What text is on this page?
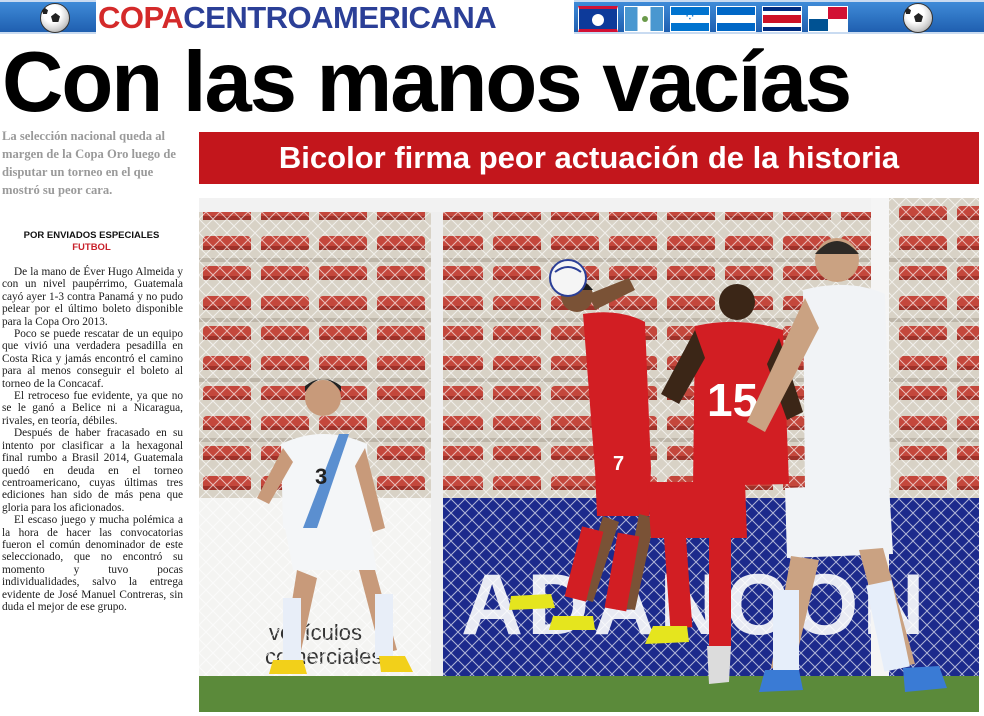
COPACENTROAMERICANA
⁘
Con las manos vacías
La selección nacional queda al margen de la Copa Oro luego de disputar un torneo en el que mostró su peor cara.
POR ENVIADOS ESPECIALES
FUTBOL

De la mano de Éver Hugo Almeida y con un nivel paupérrimo, Guatemala cayó ayer 1-3 contra Panamá y no pudo pelear por el último boleto disponible para la Copa Oro 2013.

Poco se puede rescatar de un equipo que vivió una verdadera pesadilla en Costa Rica y jamás encontró el camino para al menos conseguir el boleto al torneo de la Concacaf.

El retroceso fue evidente, ya que no se le ganó a Belice ni a Nicaragua, rivales, en teoría, débiles.

Después de haber fracasado en su intento por clasificar a la hexagonal final rumbo a Brasil 2014, Guatemala quedó en deuda en el torneo centroamericano, cuyas últimas tres ediciones han sido de más pena que gloria para los aficionados.

El escaso juego y mucha polémica a la hora de hacer las convocatorias fueron el común denominador de este seleccionado, que no encontró su momento y tuvo pocas individualidades, salvo la entrega evidente de José Manuel Contreras, sin duda el mejor de ese grupo.

Bicolor firma peor actuación de la historia
3	7
15
